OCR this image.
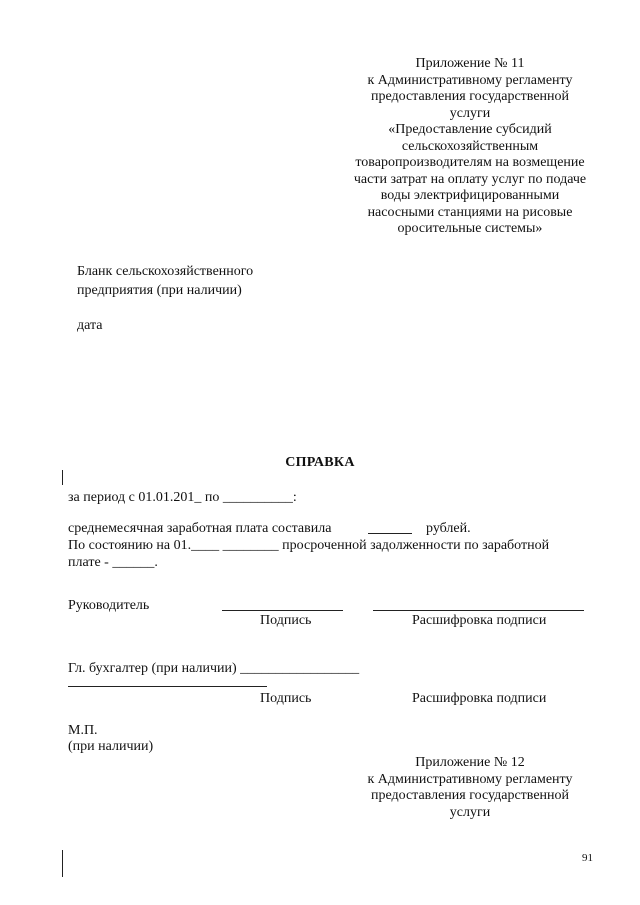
Приложение № 11
к Административному регламенту
предоставления государственной
услуги
«Предоставление субсидий
сельскохозяйственным
товаропроизводителям на возмещение
части затрат на оплату услуг по подаче
воды электрифицированными
насосными станциями на рисовые
оросительные системы»
Бланк сельскохозяйственного
предприятия (при наличии)
дата
СПРАВКА
за период с 01.01.201_ по __________:
среднемесячная заработная плата составила	рублей.
По состоянию на 01.____ ________ просроченной задолженности по заработной
плате - ______.
Руководитель
Подпись	Расшифровка подписи
Гл. бухгалтер (при наличии) _________________
Подпись	Расшифровка подписи
М.П.
(при наличии)
Приложение № 12
к Административному регламенту
предоставления государственной
услуги
91
